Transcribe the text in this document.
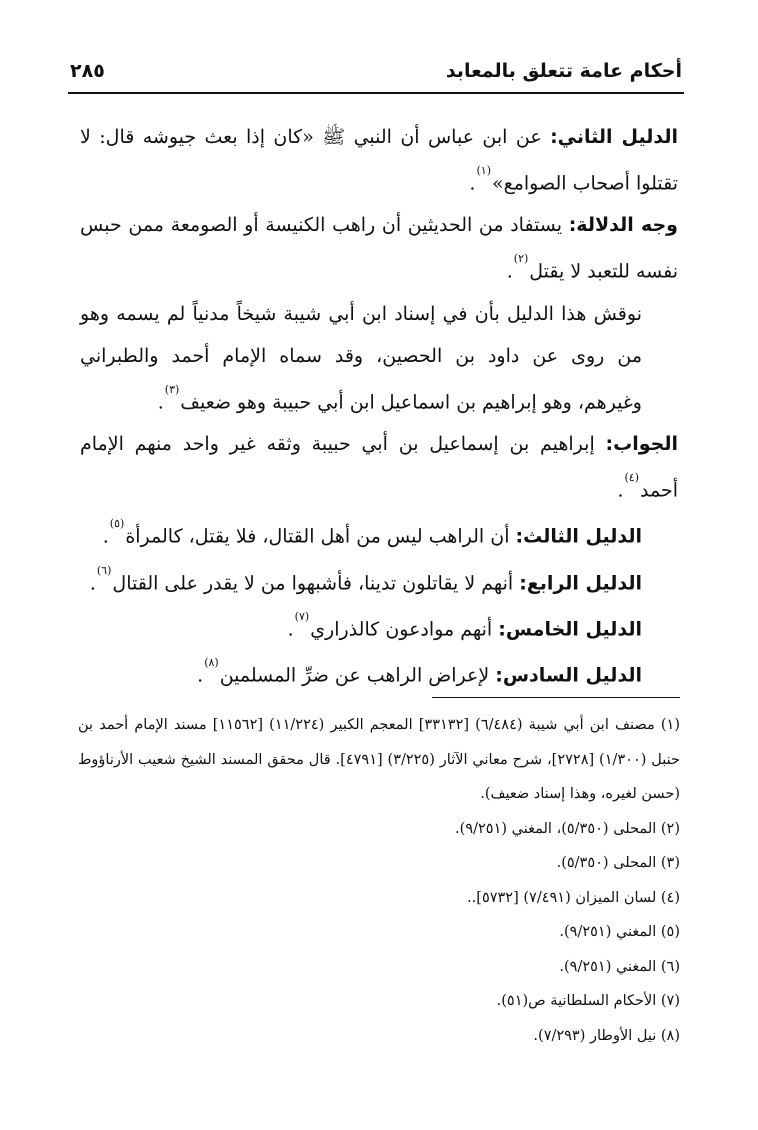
أحكام عامة تتعلق بالمعابد
٢٨٥

الدليل الثاني: عن ابن عباس أن النبي ﷺ «كان إذا بعث جيوشه قال: لا تقتلوا أصحاب الصوامع»$^{(١)}$.

وجه الدلالة: يستفاد من الحديثين أن راهب الكنيسة أو الصومعة ممن حبس نفسه للتعبد لا يقتل$^{(٢)}$.

نوقش هذا الدليل بأن في إسناد ابن أبي شيبة شيخاً مدنياً لم يسمه وهو من روى عن داود بن الحصين، وقد سماه الإمام أحمد والطبراني وغيرهم، وهو إبراهيم بن اسماعيل ابن أبي حبيبة وهو ضعيف$^{(٣)}$.

الجواب: إبراهيم بن إسماعيل بن أبي حبيبة وثقه غير واحد منهم الإمام أحمد$^{(٤)}$.

الدليل الثالث: أن الراهب ليس من أهل القتال، فلا يقتل، كالمرأة$^{(٥)}$.

الدليل الرابع: أنهم لا يقاتلون تدينا، فأشبهوا من لا يقدر على القتال$^{(٦)}$.

الدليل الخامس: أنهم موادعون كالذراري$^{(٧)}$.

الدليل السادس: لإعراض الراهب عن ضرِّ المسلمين$^{(٨)}$.

(١) مصنف ابن أبي شيبة (٦/٤٨٤) [٣٣١٣٢] المعجم الكبير (١١/٢٢٤) [١١٥٦٢] مسند الإمام أحمد بن حنبل (١/٣٠٠) [٢٧٢٨]، شرح معاني الآثار (٣/٢٢٥) [٤٧٩١]. قال محقق المسند الشيخ شعيب الأرناؤوط (حسن لغيره، وهذا إسناد ضعيف).

(٢) المحلى (٥/٣٥٠)، المغني (٩/٢٥١).

(٣) المحلى (٥/٣٥٠).

(٤) لسان الميزان (٧/٤٩١) [٥٧٣٢]..

(٥) المغني (٩/٢٥١).

(٦) المغني (٩/٢٥١).

(٧) الأحكام السلطانية ص(٥١).

(٨) نيل الأوطار (٧/٢٩٣).
